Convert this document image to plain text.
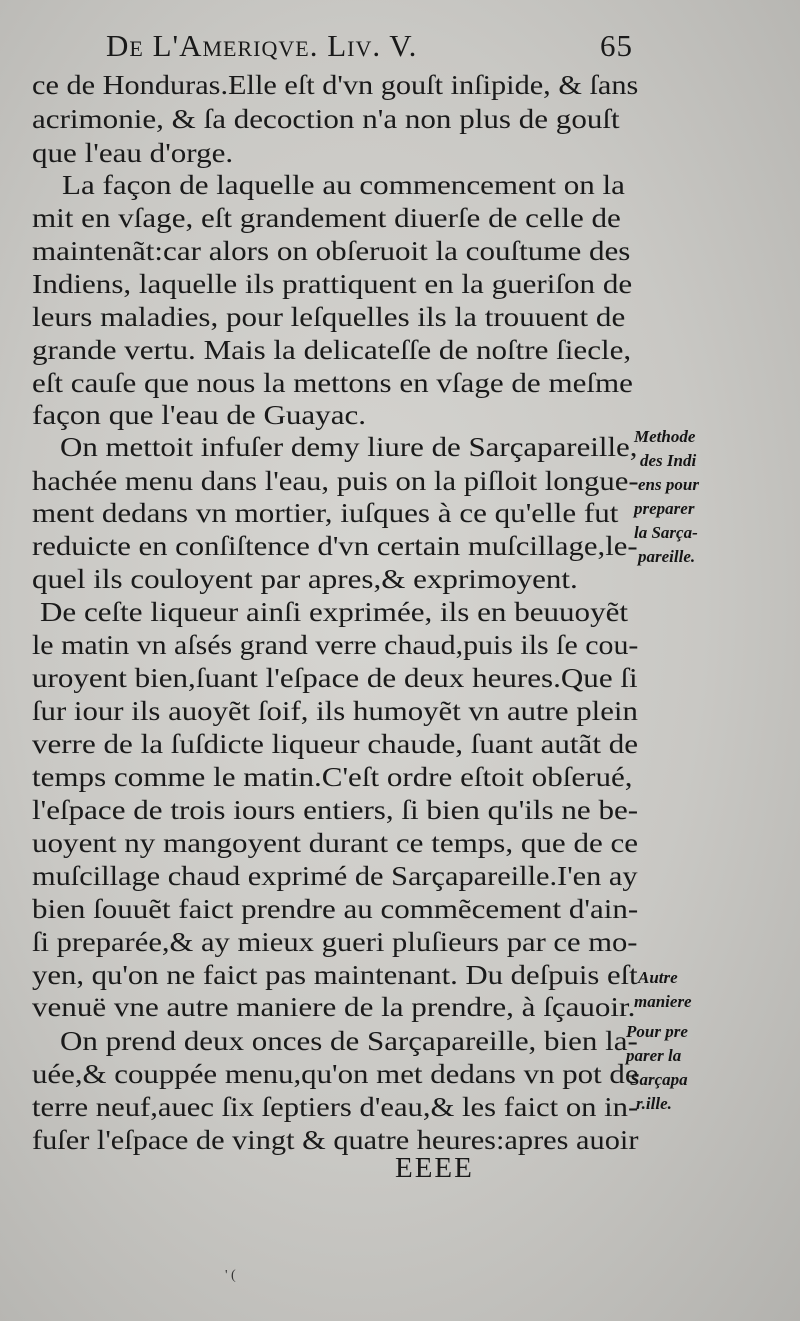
De L'Ameriqve. Liv. V.	65
ce de Honduras.Elle eſt d'vn gouſt inſipide, & ſans
acrimonie, & ſa decoction n'a non plus de gouſt
que l'eau d'orge.
La façon de laquelle au commencement on la
mit en vſage, eſt grandement diuerſe de celle de
maintenãt:car alors on obſeruoit la couſtume des
Indiens, laquelle ils prattiquent en la gueriſon de
leurs maladies, pour leſquelles ils la trouuent de
grande vertu. Mais la delicateſſe de noſtre ſiecle,
eſt cauſe que nous la mettons en vſage de meſme
façon que l'eau de Guayac.
On mettoit infuſer demy liure de Sarçapareille,
hachée menu dans l'eau, puis on la piſloit longue-
ment dedans vn mortier, iuſques à ce qu'elle fut
reduicte en conſiſtence d'vn certain muſcillage,le-
quel ils couloyent par apres,& exprimoyent.
De ceſte liqueur ainſi exprimée, ils en beuuoyẽt
le matin vn aſsés grand verre chaud,puis ils ſe cou-
uroyent bien,ſuant l'eſpace de deux heures.Que ſi
ſur iour ils auoyẽt ſoif, ils humoyẽt vn autre plein
verre de la ſuſdicte liqueur chaude, ſuant autãt de
temps comme le matin.C'eſt ordre eſtoit obſerué,
l'eſpace de trois iours entiers, ſi bien qu'ils ne be-
uoyent ny mangoyent durant ce temps, que de ce
muſcillage chaud exprimé de Sarçapareille.I'en ay
bien ſouuẽt faict prendre au commẽcement d'ain-
ſi preparée,& ay mieux gueri pluſieurs par ce mo-
yen, qu'on ne faict pas maintenant. Du deſpuis eſt
venuë vne autre maniere de la prendre, à ſçauoir.
On prend deux onces de Sarçapareille, bien la-
uée,& couppée menu,qu'on met dedans vn pot de
terre neuf,auec ſix ſeptiers d'eau,& les faict on in-
fuſer l'eſpace de vingt & quatre heures:apres auoir
Methode
des Indi
ens pour
preparer
la Sarça-
pareille.
Autre
maniere
Pour pre
parer la
Sarçapa
r.ille.
EEEE
' (
